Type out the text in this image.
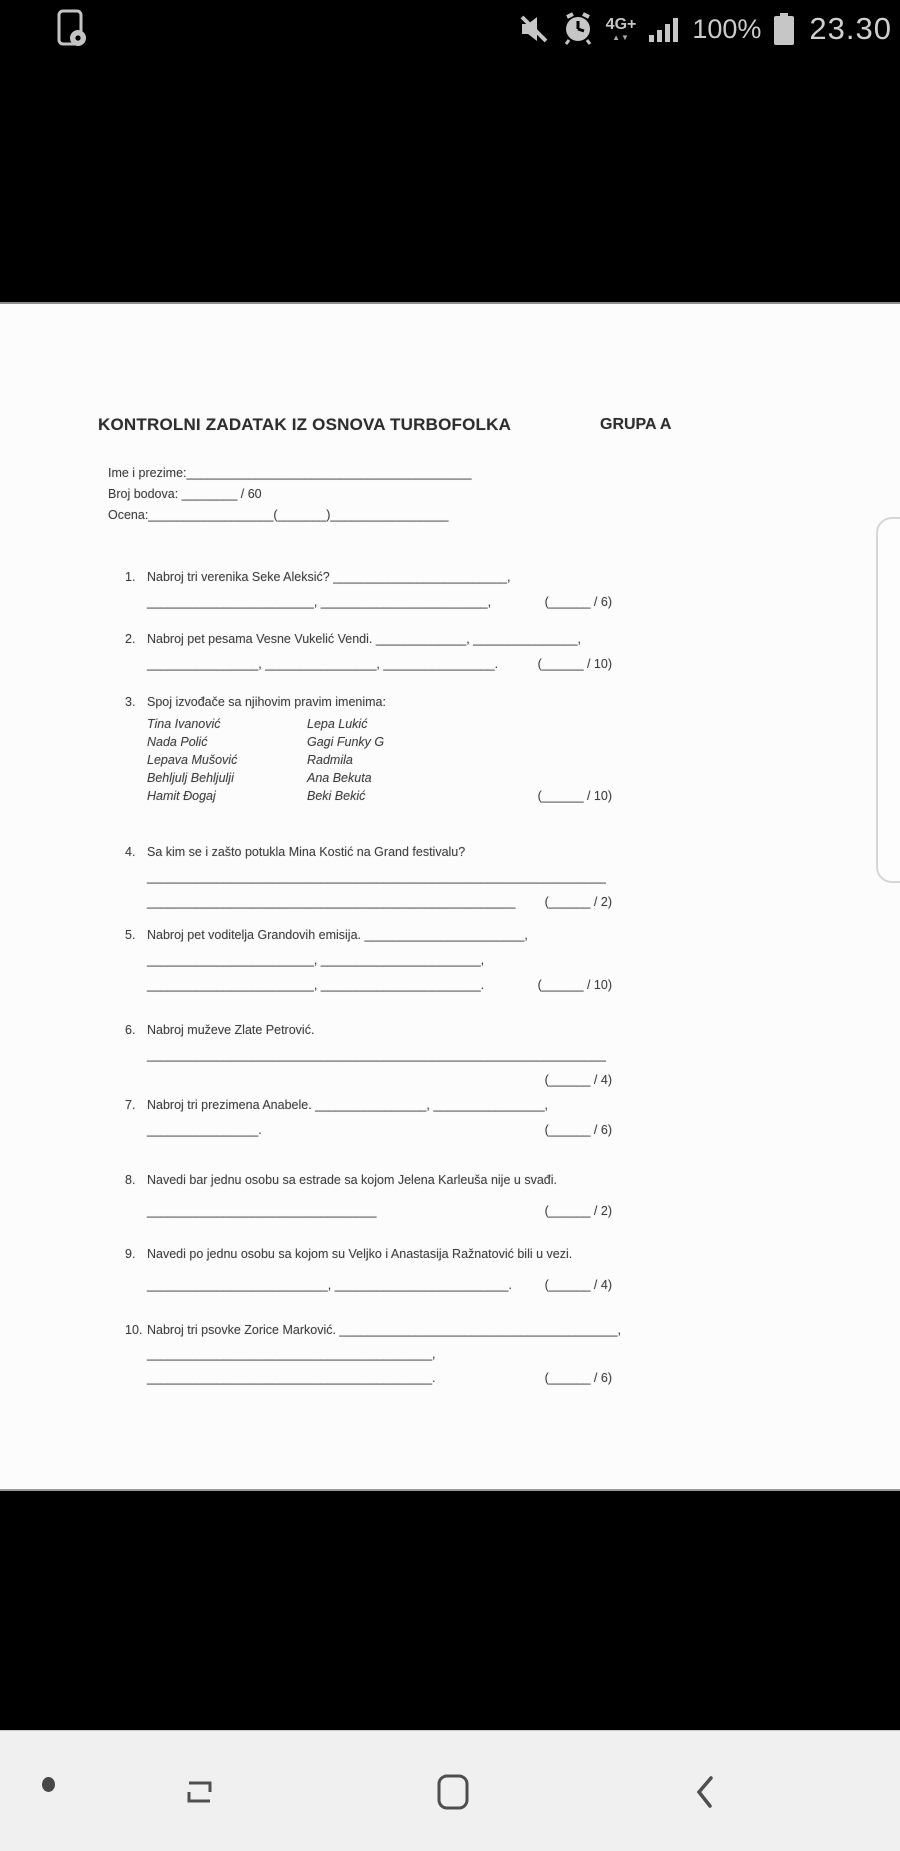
4G+
▲▼ 100% 23.30
KONTROLNI ZADATAK IZ OSNOVA TURBOFOLKA	GRUPA A
Ime i prezime:_________________________________________
Broj bodova: ________ / 60
Ocena:__________________(_______)_________________
1. Nabroj tri verenika Seke Aleksić? _________________________,
________________________, ________________________,	(______ / 6)
2. Nabroj pet pesama Vesne Vukelić Vendi. _____________, _______________,
________________, ________________, ________________.	(______ / 10)
3. Spoj izvođače sa njihovim pravim imenima:
Tina Ivanović	Lepa Lukić
Nada Polić	Gagi Funky G
Lepava Mušović	Radmila
Behljulj Behljulji	Ana Bekuta
Hamit Đogaj	Beki Bekić	(______ / 10)
4. Sa kim se i zašto potukla Mina Kostić na Grand festivalu?
__________________________________________________________________
_____________________________________________________ (______ / 2)
5. Nabroj pet voditelja Grandovih emisija. _______________________,
________________________, _______________________,
________________________, _______________________.	(______ / 10)
6. Nabroj muževe Zlate Petrović.
__________________________________________________________________
(______ / 4)
7. Nabroj tri prezimena Anabele. ________________, ________________,
________________.	(______ / 6)
8. Navedi bar jednu osobu sa estrade sa kojom Jelena Karleuša nije u svađi.
_________________________________	(______ / 2)
9. Navedi po jednu osobu sa kojom su Veljko i Anastasija Ražnatović bili u vezi.
__________________________, _________________________.	(______ / 4)
10. Nabroj tri psovke Zorice Marković. ________________________________________,
_________________________________________,
_________________________________________.	(______ / 6)
